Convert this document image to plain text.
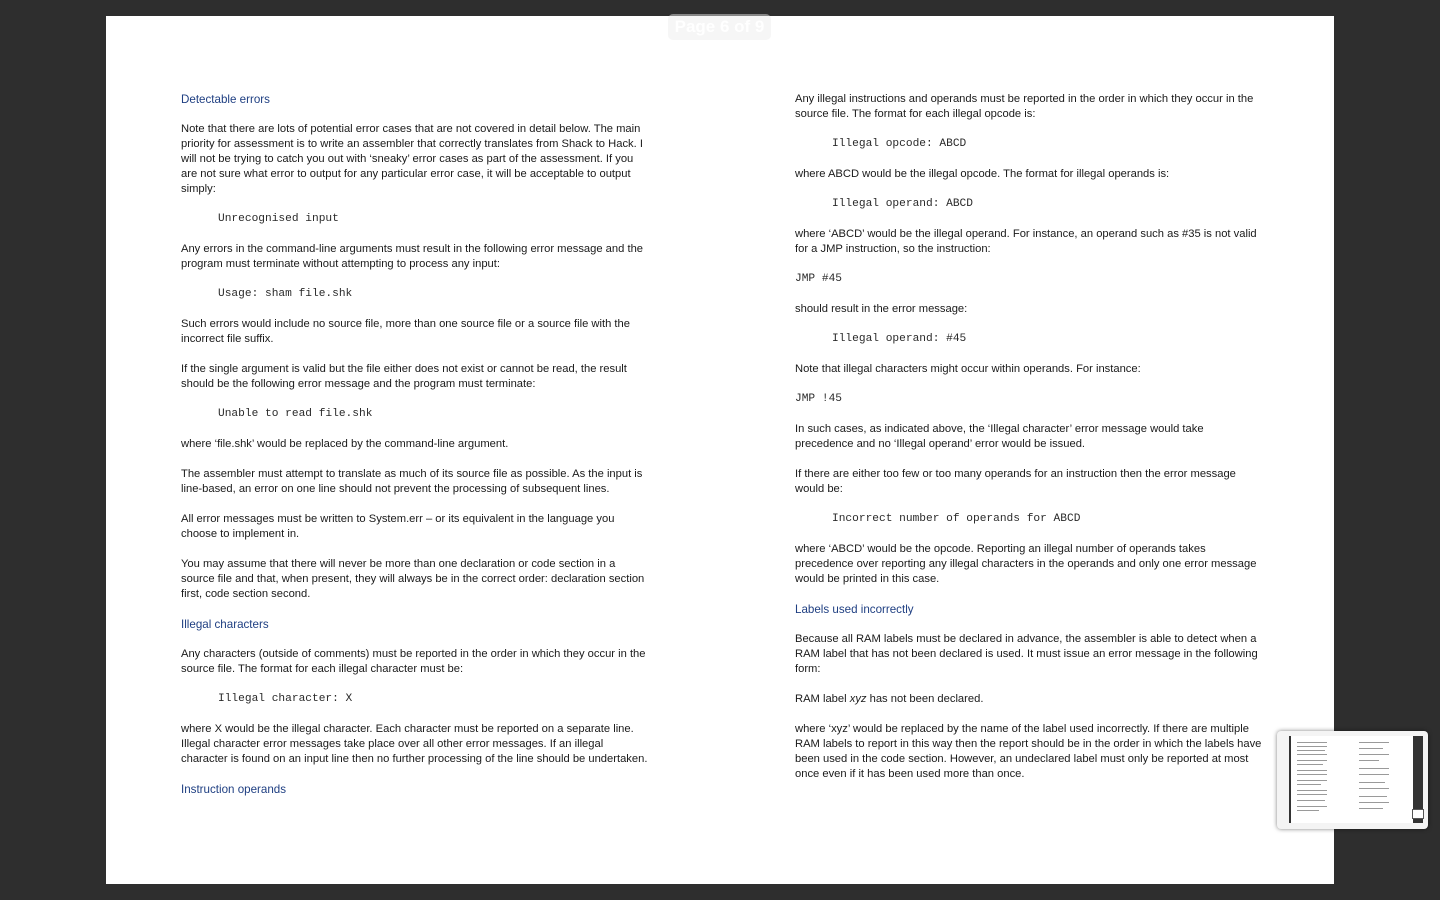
Detectable errors

Note that there are lots of potential error cases that are not covered in detail below. The main priority for assessment is to write an assembler that correctly translates from Shack to Hack. I will not be trying to catch you out with ‘sneaky’ error cases as part of the assessment. If you are not sure what error to output for any particular error case, it will be acceptable to output simply:

Unrecognised input

Any errors in the command-line arguments must result in the following error message and the program must terminate without attempting to process any input:

Usage: sham file.shk

Such errors would include no source file, more than one source file or a source file with the incorrect file suffix.

If the single argument is valid but the file either does not exist or cannot be read, the result should be the following error message and the program must terminate:

Unable to read file.shk

where ‘file.shk’ would be replaced by the command-line argument.

The assembler must attempt to translate as much of its source file as possible. As the input is line-based, an error on one line should not prevent the processing of subsequent lines.

All error messages must be written to System.err – or its equivalent in the language you choose to implement in.

You may assume that there will never be more than one declaration or code section in a source file and that, when present, they will always be in the correct order: declaration section first, code section second.

Illegal characters

Any characters (outside of comments) must be reported in the order in which they occur in the source file. The format for each illegal character must be:

Illegal character: X

where X would be the illegal character. Each character must be reported on a separate line. Illegal character error messages take place over all other error messages. If an illegal character is found on an input line then no further processing of the line should be undertaken.

Instruction operands

Any illegal instructions and operands must be reported in the order in which they occur in the source file. The format for each illegal opcode is:

Illegal opcode: ABCD

where ABCD would be the illegal opcode. The format for illegal operands is:

Illegal operand: ABCD

where ‘ABCD’ would be the illegal operand. For instance, an operand such as #35 is not valid for a JMP instruction, so the instruction:

JMP #45

should result in the error message:

Illegal operand: #45

Note that illegal characters might occur within operands. For instance:

JMP !45

In such cases, as indicated above, the ‘Illegal character’ error message would take precedence and no ‘Illegal operand’ error would be issued.

If there are either too few or too many operands for an instruction then the error message would be:

Incorrect number of operands for ABCD

where ‘ABCD’ would be the opcode. Reporting an illegal number of operands takes precedence over reporting any illegal characters in the operands and only one error message would be printed in this case.

Labels used incorrectly

Because all RAM labels must be declared in advance, the assembler is able to detect when a RAM label that has not been declared is used. It must issue an error message in the following form:

RAM label xyz has not been declared.

where ‘xyz’ would be replaced by the name of the label used incorrectly. If there are multiple RAM labels to report in this way then the report should be in the order in which the labels have been used in the code section. However, an undeclared label must only be reported at most once even if it has been used more than once.

Page 6 of 9
